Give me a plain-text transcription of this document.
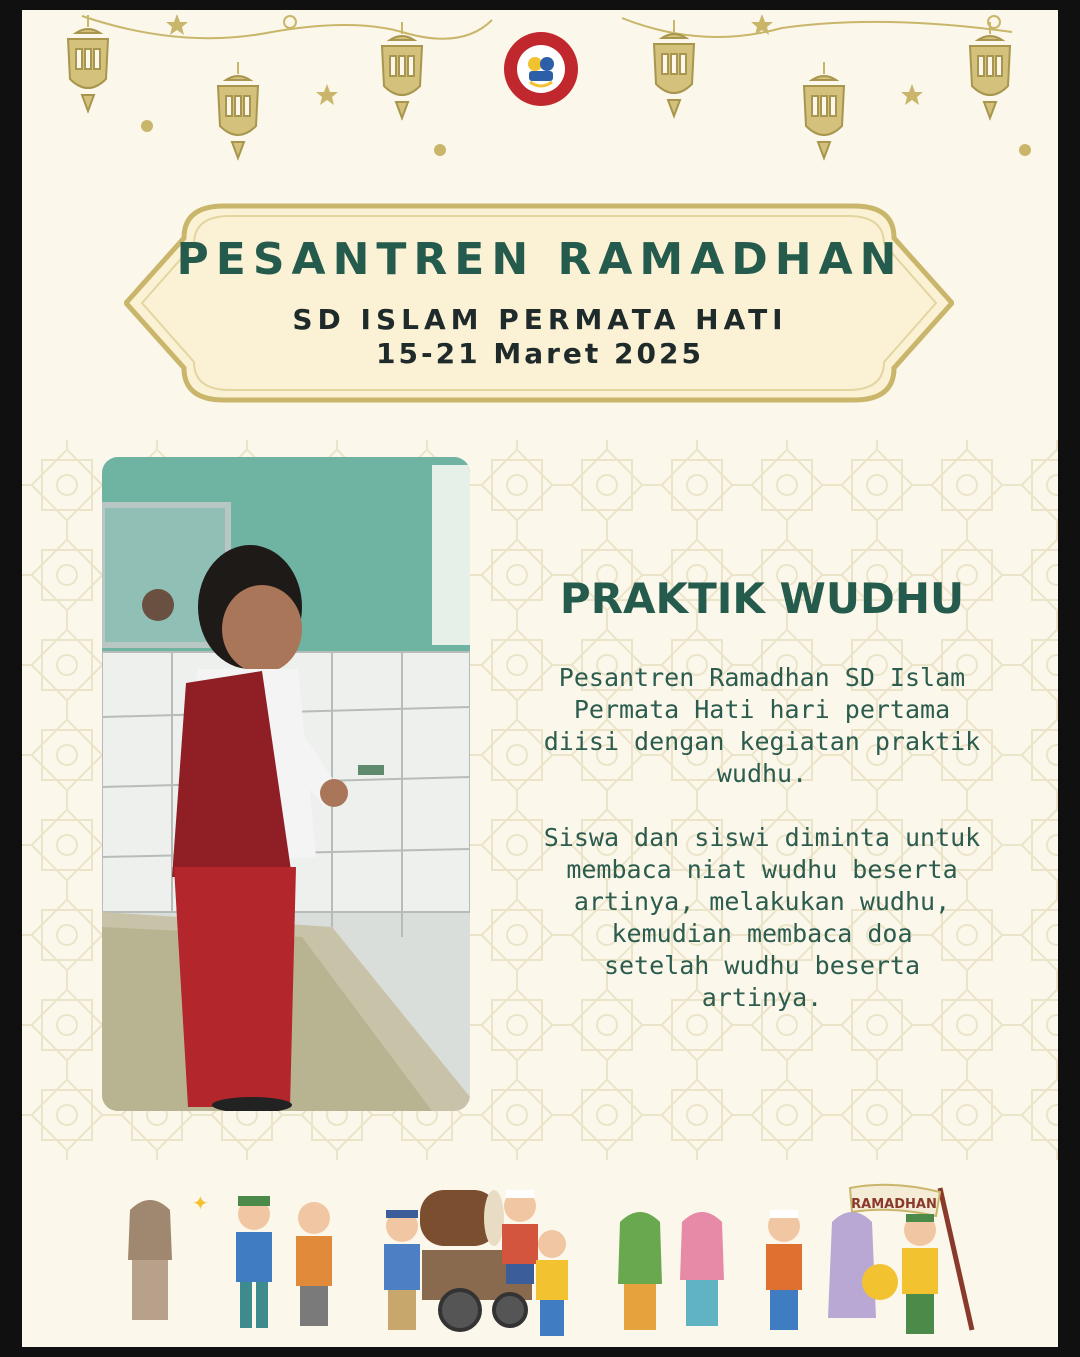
PESANTREN RAMADHAN
SD ISLAM PERMATA HATI
15-21 Maret 2025
PRAKTIK WUDHU
Pesantren Ramadhan SD Islam
Permata Hati hari pertama
diisi dengan kegiatan praktik
wudhu.
Siswa dan siswi diminta untuk
membaca niat wudhu beserta
artinya, melakukan wudhu,
kemudian membaca doa
setelah wudhu beserta
artinya.
RAMADHAN
✦
